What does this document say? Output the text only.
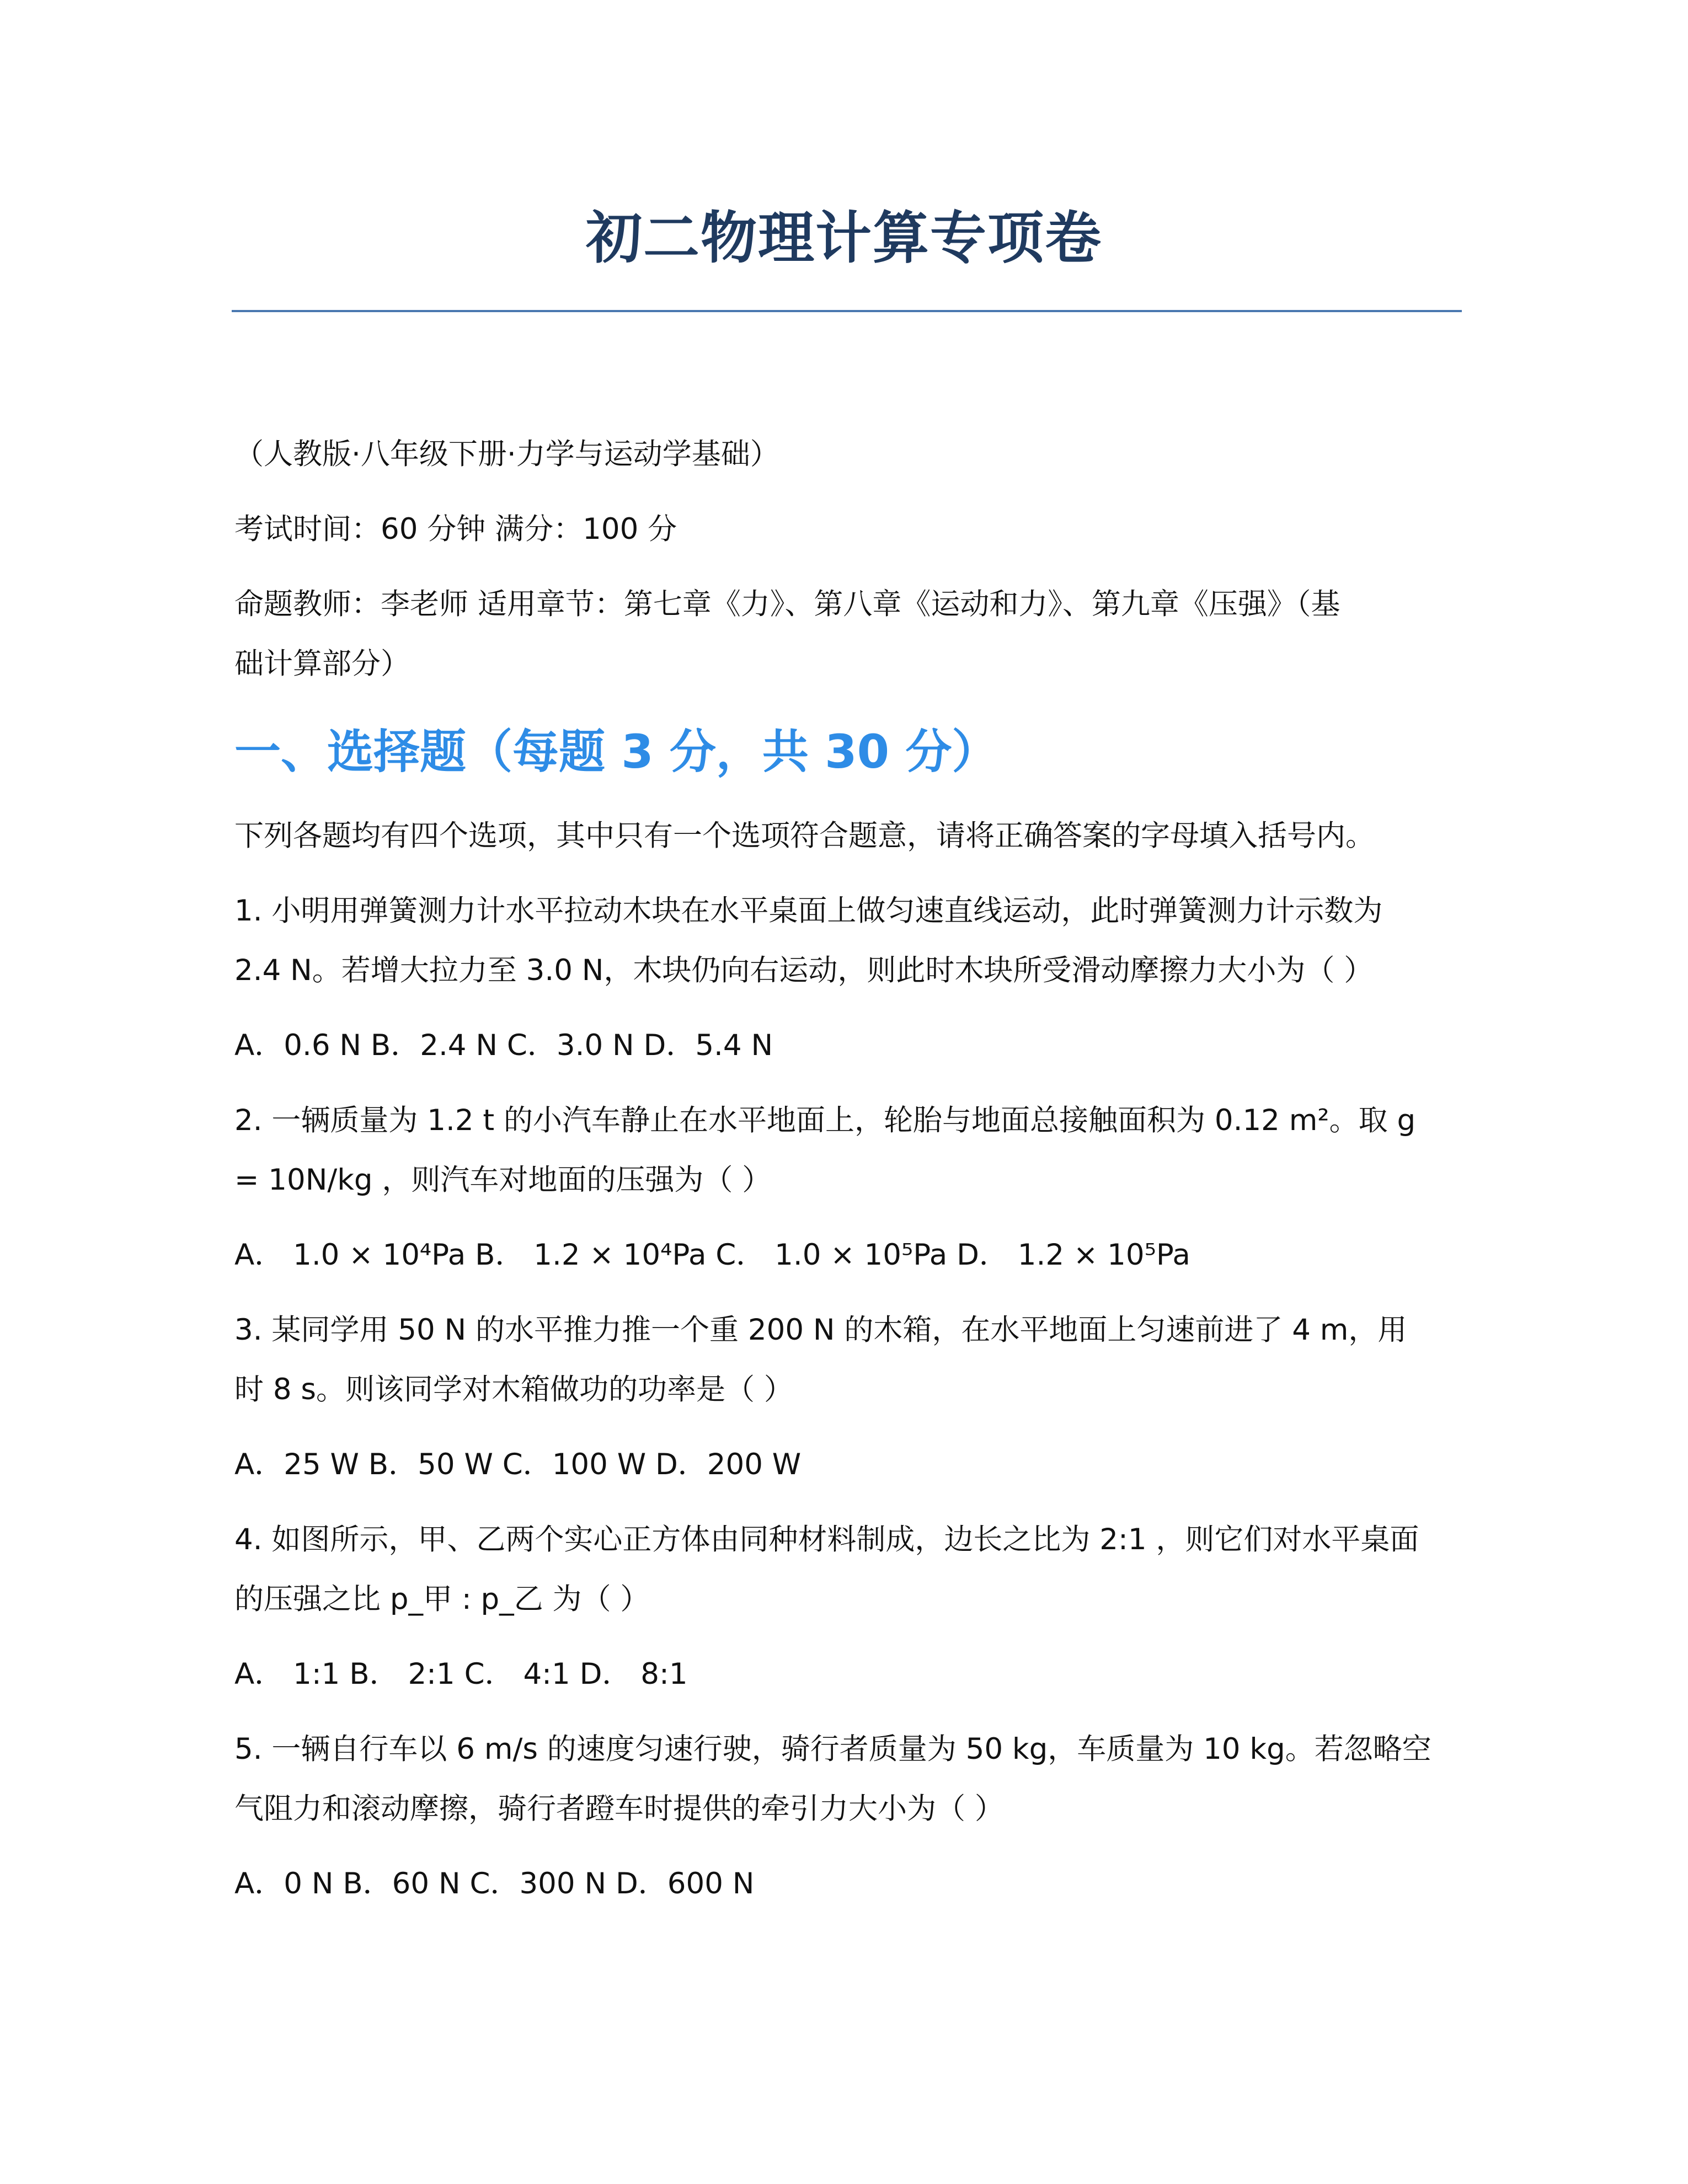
初二物理计算专项卷

（人教版·八年级下册·力学与运动学基础）

考试时间：60 分钟 满分：100 分

命题教师：李老师 适用章节：第七章《力》、第八章《运动和力》、第九章《压强》（基

础计算部分）

一、选择题（每题 3 分，共 30 分）

下列各题均有四个选项，其中只有一个选项符合题意，请将正确答案的字母填入括号内。

1. 小明用弹簧测力计水平拉动木块在水平桌面上做匀速直线运动，此时弹簧测力计示数为

2.4 N。若增大拉力至 3.0 N，木块仍向右运动，则此时木块所受滑动摩擦力大小为（ ）

A．0.6 N B．2.4 N C．3.0 N D．5.4 N

2. 一辆质量为 1.2 t 的小汽车静止在水平地面上，轮胎与地面总接触面积为 0.12 m²。取 g

= 10N/kg ，则汽车对地面的压强为（ ）

A． 1.0 × 10⁴Pa B． 1.2 × 10⁴Pa C． 1.0 × 10⁵Pa D． 1.2 × 10⁵Pa

3. 某同学用 50 N 的水平推力推一个重 200 N 的木箱，在水平地面上匀速前进了 4 m，用

时 8 s。则该同学对木箱做功的功率是（ ）

A．25 W B．50 W C．100 W D．200 W

4. 如图所示，甲、乙两个实心正方体由同种材料制成，边长之比为 2:1 ，则它们对水平桌面

的压强之比 p_甲 : p_乙 为（ ）

A． 1:1 B． 2:1 C． 4:1 D． 8:1

5. 一辆自行车以 6 m/s 的速度匀速行驶，骑行者质量为 50 kg，车质量为 10 kg。若忽略空

气阻力和滚动摩擦，骑行者蹬车时提供的牵引力大小为（ ）

A．0 N B．60 N C．300 N D．600 N
